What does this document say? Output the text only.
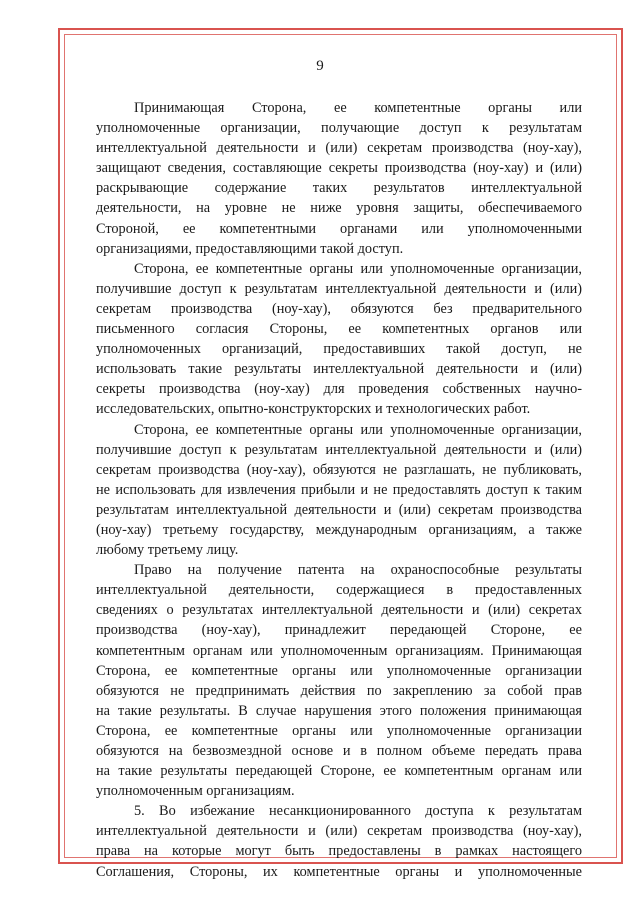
9

Принимающая Сторона, ее компетентные органы или
уполномоченные организации, получающие доступ к результатам
интеллектуальной деятельности и (или) секретам производства (ноу-хау),
защищают сведения, составляющие секреты производства (ноу-хау) и (или)
раскрывающие содержание таких результатов интеллектуальной
деятельности, на уровне не ниже уровня защиты, обеспечиваемого
Стороной, ее компетентными органами или уполномоченными
организациями, предоставляющими такой доступ.

Сторона, ее компетентные органы или уполномоченные организации,
получившие доступ к результатам интеллектуальной деятельности и (или)
секретам производства (ноу-хау), обязуются без предварительного
письменного согласия Стороны, ее компетентных органов или
уполномоченных организаций, предоставивших такой доступ, не
использовать такие результаты интеллектуальной деятельности и (или)
секреты производства (ноу-хау) для проведения собственных научно-
исследовательских, опытно-конструкторских и технологических работ.

Сторона, ее компетентные органы или уполномоченные организации,
получившие доступ к результатам интеллектуальной деятельности и (или)
секретам производства (ноу-хау), обязуются не разглашать, не публиковать,
не использовать для извлечения прибыли и не предоставлять доступ к таким
результатам интеллектуальной деятельности и (или) секретам производства
(ноу-хау) третьему государству, международным организациям, а также
любому третьему лицу.

Право на получение патента на охраноспособные результаты
интеллектуальной деятельности, содержащиеся в предоставленных
сведениях о результатах интеллектуальной деятельности и (или) секретах
производства (ноу-хау), принадлежит передающей Стороне, ее
компетентным органам или уполномоченным организациям. Принимающая
Сторона, ее компетентные органы или уполномоченные организации
обязуются не предпринимать действия по закреплению за собой прав
на такие результаты. В случае нарушения этого положения принимающая
Сторона, ее компетентные органы или уполномоченные организации
обязуются на безвозмездной основе и в полном объеме передать права
на такие результаты передающей Стороне, ее компетентным органам или
уполномоченным организациям.

5. Во избежание несанкционированного доступа к результатам
интеллектуальной деятельности и (или) секретам производства (ноу-хау),
права на которые могут быть предоставлены в рамках настоящего
Соглашения, Стороны, их компетентные органы и уполномоченные
